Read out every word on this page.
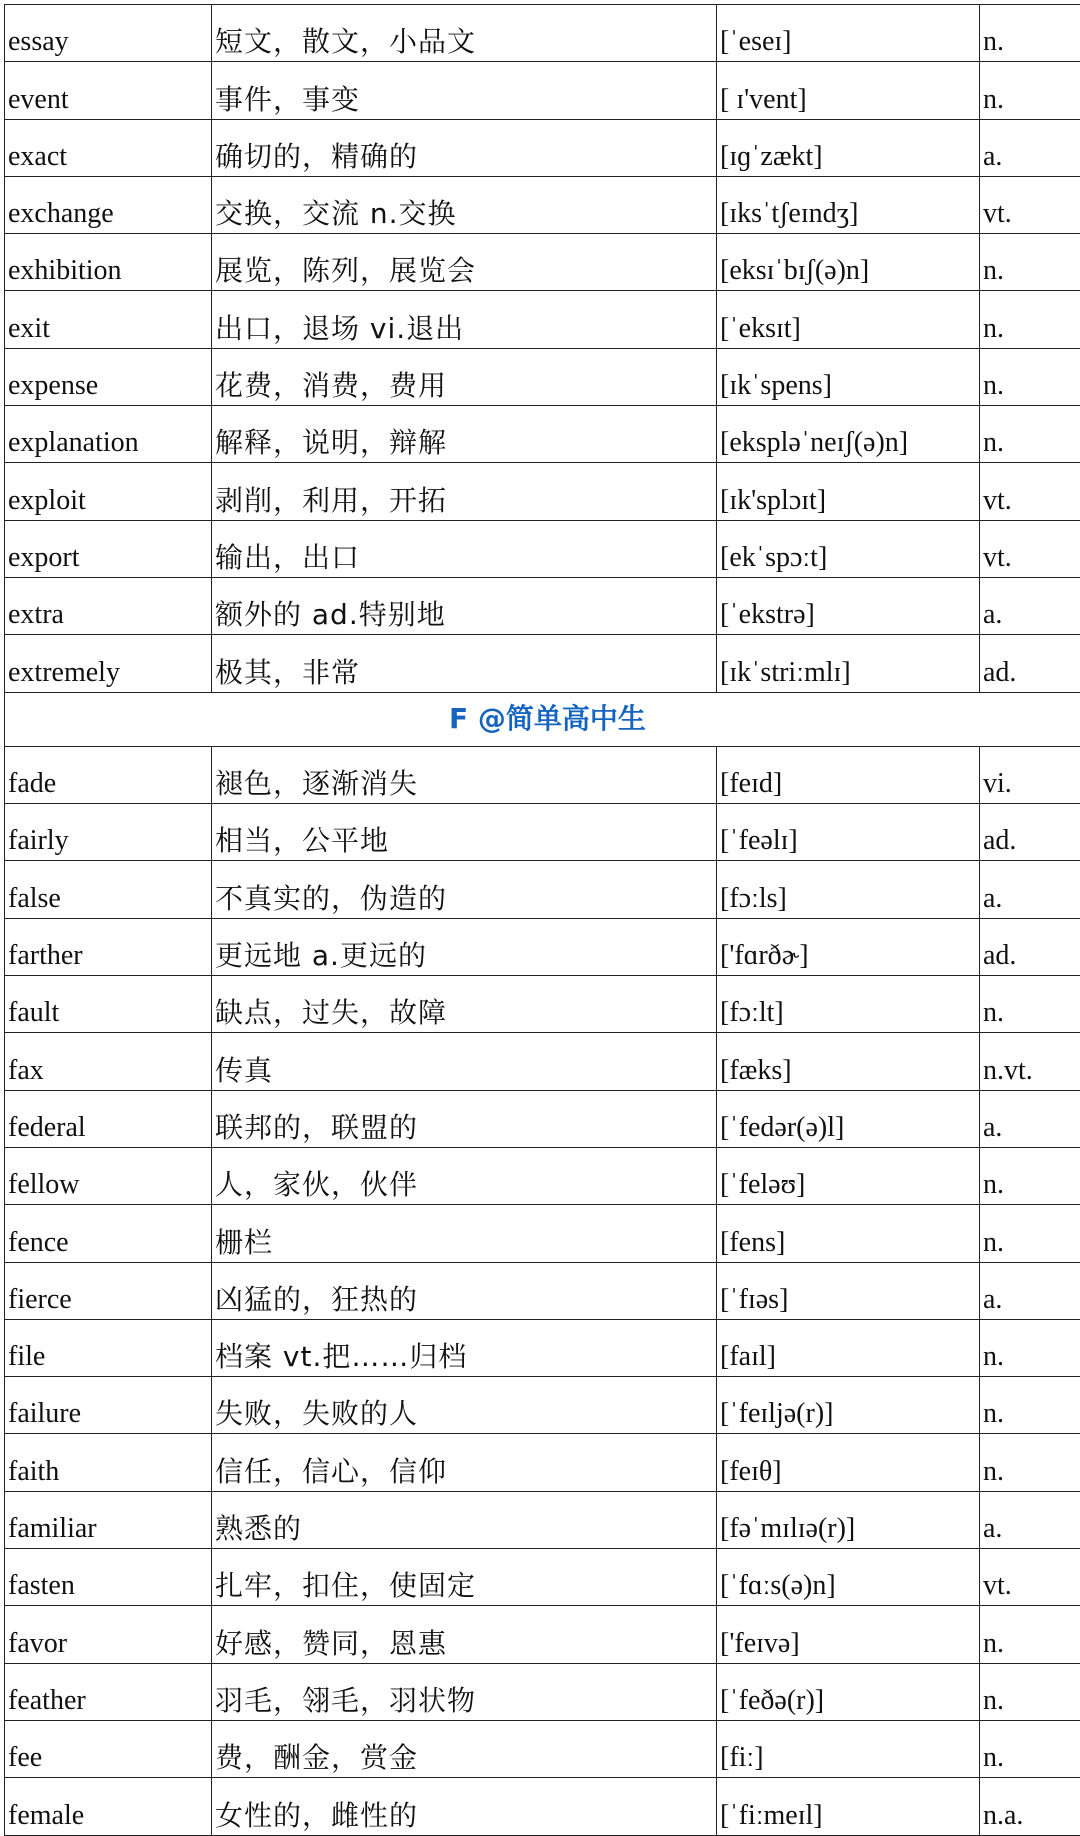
essay	短文，散文，小品文	[ˈeseɪ]	n.
event	事件，事变	[ ɪ'vent]	n.
exact	确切的，精确的	[ɪɡˈzækt]	a.
exchange	交换，交流 n.交换	[ɪksˈtʃeɪndʒ]	vt.
exhibition	展览，陈列，展览会	[eksɪˈbɪʃ(ə)n]	n.
exit	出口，退场 vi.退出	[ˈeksɪt]	n.
expense	花费，消费，费用	[ɪkˈspens]	n.
explanation	解释，说明，辩解	[ekspləˈneɪʃ(ə)n]	n.
exploit	剥削，利用，开拓	[ɪk'splɔɪt]	vt.
export	输出，出口	[ekˈspɔːt]	vt.
extra	额外的 ad.特别地	[ˈekstrə]	a.
extremely	极其，非常	[ɪkˈstriːmlɪ]	ad.
F @简单高中生			
fade	褪色，逐渐消失	[feɪd]	vi.
fairly	相当，公平地	[ˈfeəlɪ]	ad.
false	不真实的，伪造的	[fɔːls]	a.
farther	更远地 a.更远的	['fɑrðɚ]	ad.
fault	缺点，过失，故障	[fɔːlt]	n.
fax	传真	[fæks]	n.vt.
federal	联邦的，联盟的	[ˈfedər(ə)l]	a.
fellow	人，家伙，伙伴	[ˈfeləʊ]	n.
fence	栅栏	[fens]	n.
fierce	凶猛的，狂热的	[ˈfɪəs]	a.
file	档案 vt.把……归档	[faɪl]	n.
failure	失败，失败的人	[ˈfeɪljə(r)]	n.
faith	信任，信心，信仰	[feɪθ]	n.
familiar	熟悉的	[fəˈmɪlɪə(r)]	a.
fasten	扎牢，扣住，使固定	[ˈfɑːs(ə)n]	vt.
favor	好感，赞同，恩惠	['feɪvə]	n.
feather	羽毛，翎毛，羽状物	[ˈfeðə(r)]	n.
fee	费，酬金，赏金	[fiː]	n.
female	女性的，雌性的	[ˈfiːmeɪl]	n.a.
